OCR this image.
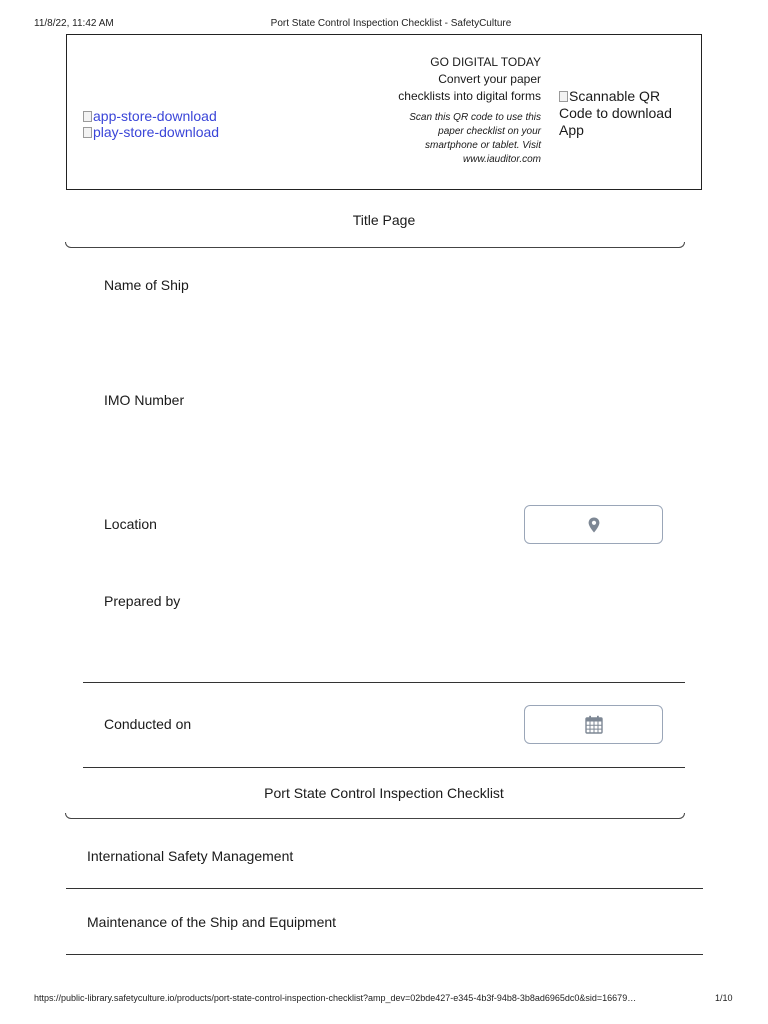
11/8/22, 11:42 AM	Port State Control Inspection Checklist - SafetyCulture
app-store-download
play-store-download
GO DIGITAL TODAY
Convert your paper
checklists into digital forms
Scan this QR code to use this
paper checklist on your
smartphone or tablet. Visit
www.iauditor.com
Scannable QR Code to download App
Title Page
Name of Ship
IMO Number
Location
Prepared by
Conducted on
Port State Control Inspection Checklist
International Safety Management
Maintenance of the Ship and Equipment
https://public-library.safetyculture.io/products/port-state-control-inspection-checklist?amp_dev=02bde427-e345-4b3f-94b8-3b8ad6965dc0&sid=16679…	1/10
